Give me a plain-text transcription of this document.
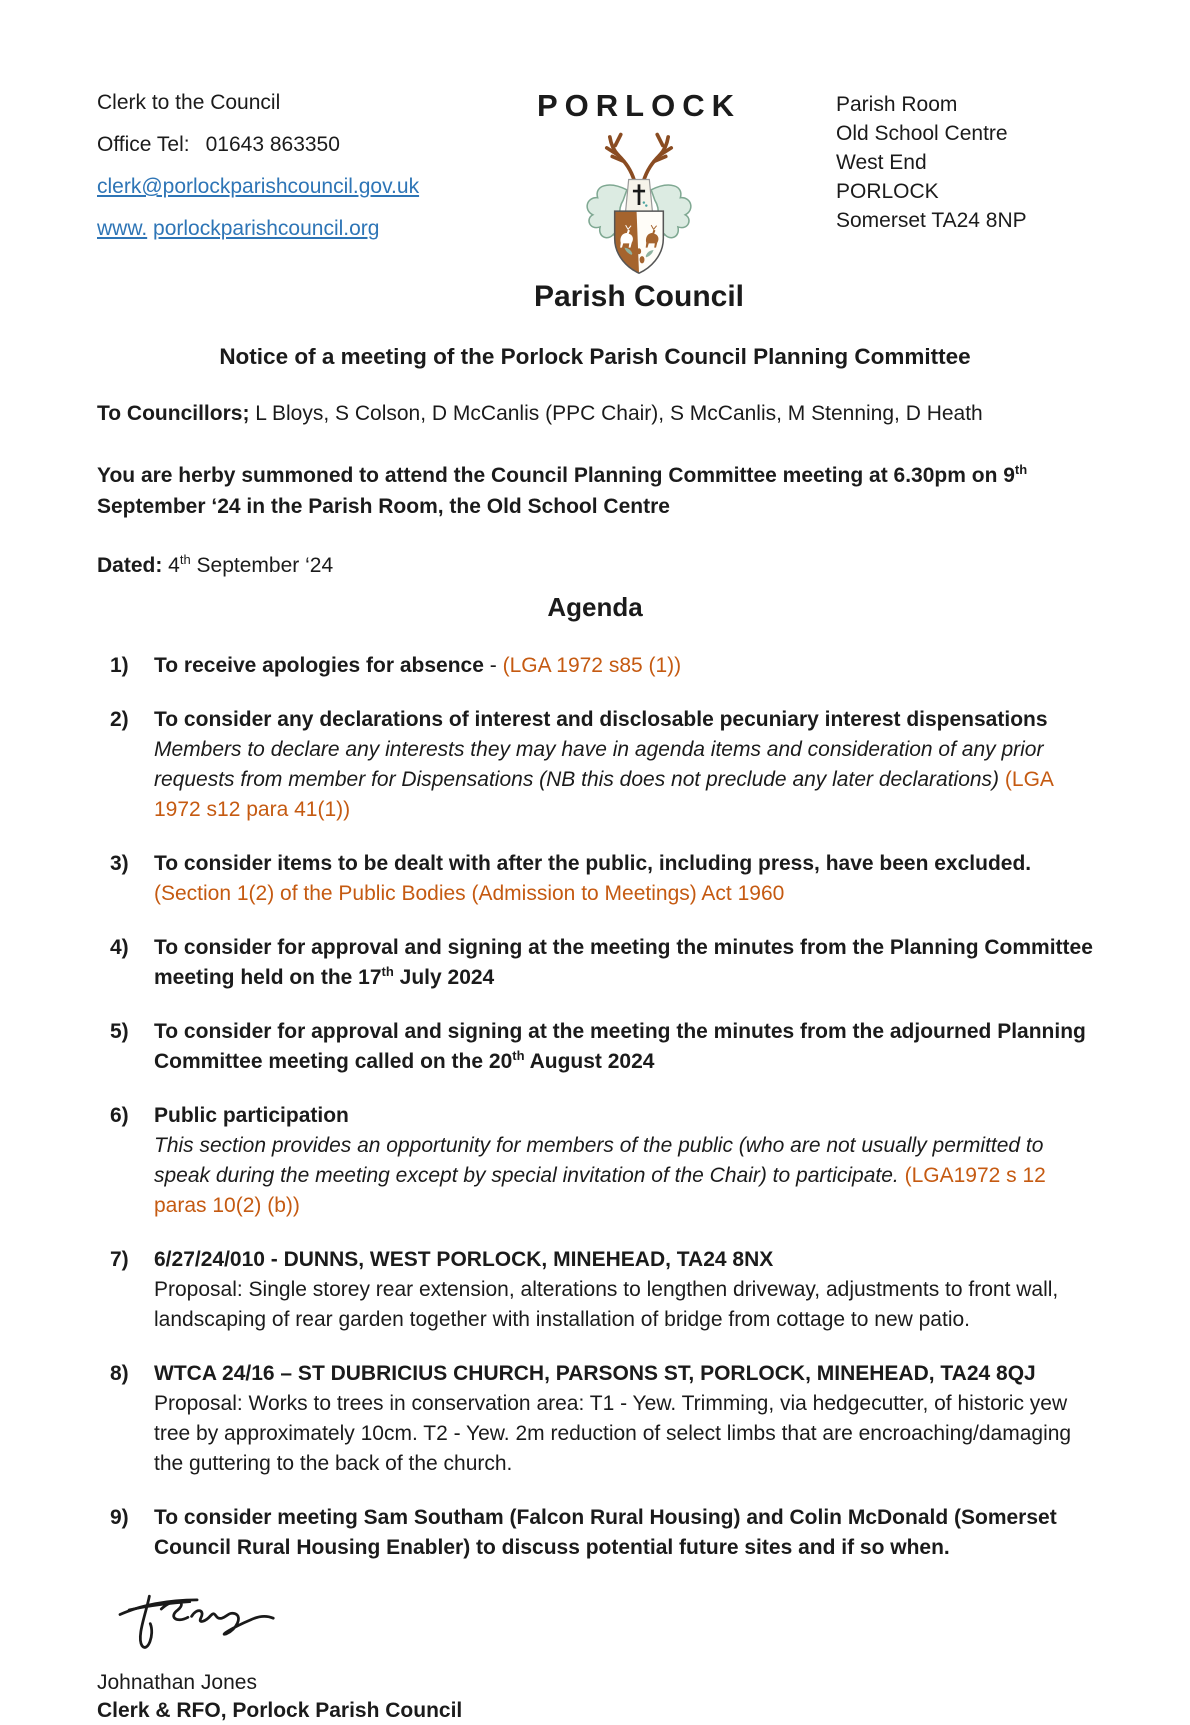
Clerk to the Council

Office Tel: 01643 863350

clerk@porlockparishcouncil.gov.uk

www. porlockparishcouncil.org

PORLOCK

Parish Council

Parish Room

Old School Centre

West End

PORLOCK

Somerset TA24 8NP

Notice of a meeting of the Porlock Parish Council Planning Committee

To Councillors; L Bloys, S Colson, D McCanlis (PPC Chair), S McCanlis, M Stenning, D Heath

You are herby summoned to attend the Council Planning Committee meeting at 6.30pm on 9th September ‘24 in the Parish Room, the Old School Centre

Dated: 4th September ‘24

Agenda
1)	To receive apologies for absence - (LGA 1972 s85 (1))
2)	To consider any declarations of interest and disclosable pecuniary interest dispensations
Members to declare any interests they may have in agenda items and consideration of any prior requests from member for Dispensations (NB this does not preclude any later declarations) (LGA 1972 s12 para 41(1))
3)	To consider items to be dealt with after the public, including press, have been excluded. (Section 1(2) of the Public Bodies (Admission to Meetings) Act 1960
4)	To consider for approval and signing at the meeting the minutes from the Planning Committee meeting held on the 17th July 2024
5)	To consider for approval and signing at the meeting the minutes from the adjourned Planning Committee meeting called on the 20th August 2024
6)	Public participation
This section provides an opportunity for members of the public (who are not usually permitted to speak during the meeting except by special invitation of the Chair) to participate. (LGA1972 s 12 paras 10(2) (b))
7)	6/27/24/010 - DUNNS, WEST PORLOCK, MINEHEAD, TA24 8NX
Proposal: Single storey rear extension, alterations to lengthen driveway, adjustments to front wall, landscaping of rear garden together with installation of bridge from cottage to new patio.
8)	WTCA 24/16 – ST DUBRICIUS CHURCH, PARSONS ST, PORLOCK, MINEHEAD, TA24 8QJ
Proposal: Works to trees in conservation area: T1 - Yew. Trimming, via hedgecutter, of historic yew tree by approximately 10cm. T2 - Yew. 2m reduction of select limbs that are encroaching/damaging the guttering to the back of the church.
9)	To consider meeting Sam Southam (Falcon Rural Housing) and Colin McDonald (Somerset Council Rural Housing Enabler) to discuss potential future sites and if so when.

Johnathan Jones

Clerk & RFO, Porlock Parish Council
